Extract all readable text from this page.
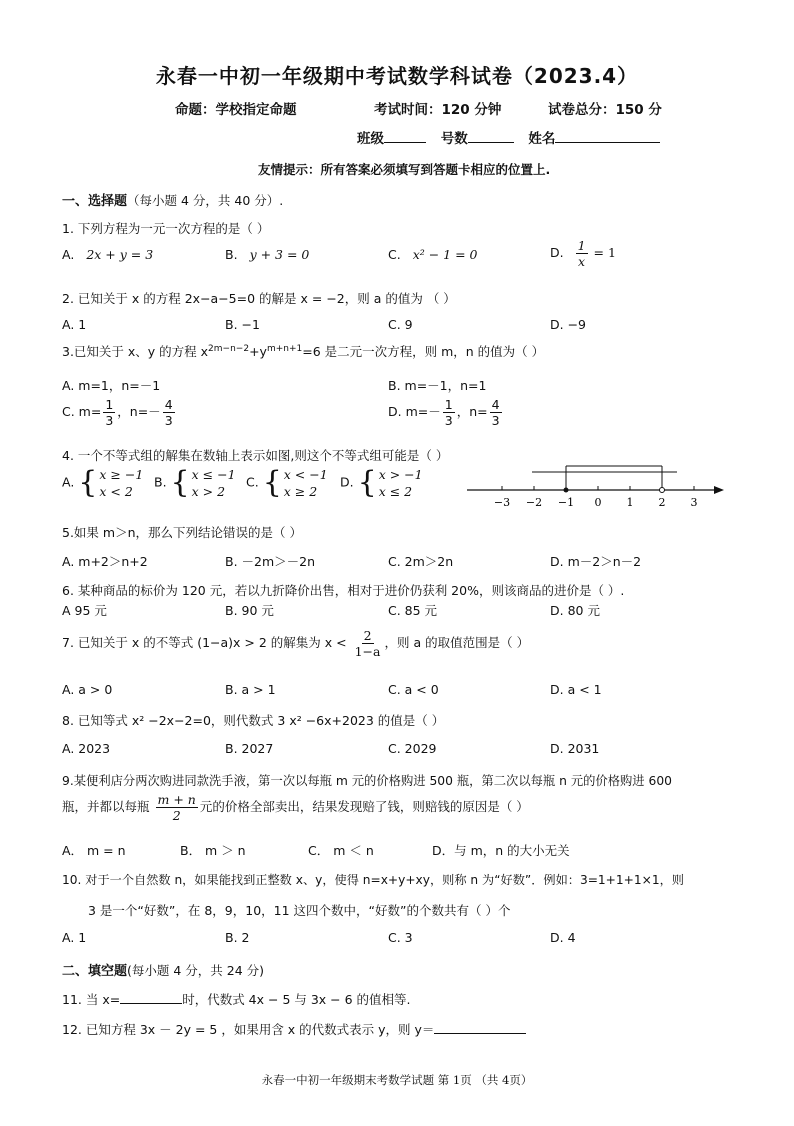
永春一中初一年级期中考试数学科试卷（2023.4）
命题：学校指定命题	考试时间：120 分钟	试卷总分：150 分
班级	号数	姓名
友情提示：所有答案必须填写到答题卡相应的位置上.
一、选择题（每小题 4 分，共 40 分）.
1. 下列方程为一元一次方程的是（ ）
A. 2x + y = 3	B. y + 3 = 0	C. x² − 1 = 0	D. $\frac{1}{x} = 1$
2. 已知关于 x 的方程 2x−a−5=0 的解是 x = −2，则 a 的值为 （ ）
A. 1	B. −1	C. 9	D. −9
3.已知关于 x、y 的方程 $x^{2m-n-2}+y^{m+n+1}=6$ 是二元一次方程，则 m，n 的值为（ ）
A. m=1，n=－1	B. m=－1，n=1
C. $m= \frac{1}{3}$ ，$n=- \frac{4}{3}$	D. $m=- \frac{1}{3}$ ，$n= \frac{4}{3}$
4. 一个不等式组的解集在数轴上表示如图,则这个不等式组可能是（ ）
A. { x ≥ −1
x < 2
B. { x ≤ −1
x > 2
C. { x < −1
x ≥ 2
D. { x > −1
x ≤ 2
−3 −2 −1 0 1 2 3
5.如果 m＞n，那么下列结论错误的是（ ）
A. m+2＞n+2	B. －2m＞－2n	C. 2m＞2n	D. m－2＞n－2
6. 某种商品的标价为 120 元，若以九折降价出售，相对于进价仍获利 20%，则该商品的进价是（ ）.
A 95 元	B. 90 元	C. 85 元	D. 80 元
7. 已知关于 x 的不等式 (1−a)x > 2 的解集为 $x < \frac{2}{1-a}$ ，则 a 的取值范围是（ ）
A. a > 0	B. a > 1	C. a < 0	D. a < 1
8. 已知等式 x² −2x−2=0，则代数式 3 x² −6x+2023 的值是（ ）
A. 2023	B. 2027	C. 2029	D. 2031
9.某便利店分两次购进同款洗手液，第一次以每瓶 m 元的价格购进 500 瓶，第二次以每瓶 n 元的价格购进 600
瓶，并都以每瓶 $\frac{m + n}{2}$ 元的价格全部卖出，结果发现赔了钱，则赔钱的原因是（ ）
A． m = n	B． m ＞ n	C． m ＜ n	D．与 m，n 的大小无关
10. 对于一个自然数 n，如果能找到正整数 x、y，使得 n=x+y+xy，则称 n 为“好数”．例如：3=1+1+1×1，则
3 是一个“好数”，在 8，9，10，11 这四个数中，“好数”的个数共有（ ）个
A. 1	B. 2	C. 3	D. 4
二、填空题(每小题 4 分，共 24 分)
11. 当 x=	时，代数式 4x − 5 与 3x − 6 的值相等.
12. 已知方程 3x － 2y = 5 ，如果用含 x 的代数式表示 y，则 y＝
永春一中初一年级期末考数学试题 第 1页 （共 4页）
